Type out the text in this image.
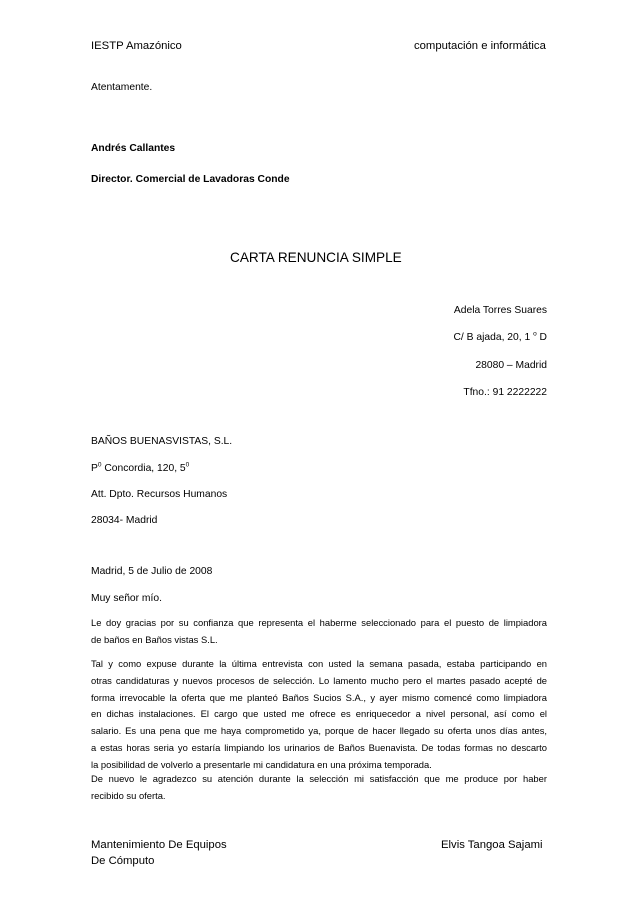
IESTP Amazónico	computación e informática
Atentamente.
Andrés Callantes
Director. Comercial de Lavadoras Conde
CARTA RENUNCIA SIMPLE
Adela Torres Suares
C/ B ajada, 20, 1 $^o$ D
28080 – Madrid
Tfno.: 91 2222222
BAÑOS BUENASVISTAS, S.L.
$P^0$ Concordia, 120, $5^0$
Att. Dpto. Recursos Humanos
28034- Madrid
Madrid, 5 de Julio de 2008
Muy señor mío.
Le doy gracias por su confianza que representa el haberme seleccionado para el puesto de limpiadora
de baños en Baños vistas S.L.
Tal y como expuse durante la última entrevista con usted la semana pasada, estaba participando en
otras candidaturas y nuevos procesos de selección. Lo lamento mucho pero el martes pasado acepté de
forma irrevocable la oferta que me planteó Baños Sucios S.A., y ayer mismo comencé como limpiadora
en dichas instalaciones. El cargo que usted me ofrece es enriquecedor a nivel personal, así como el
salario. Es una pena que me haya comprometido ya, porque de hacer llegado su oferta unos días antes,
a estas horas seria yo estaría limpiando los urinarios de Baños Buenavista. De todas formas no descarto
la posibilidad de volverlo a presentarle mi candidatura en una próxima temporada.
De nuevo le agradezco su atención durante la selección mi satisfacción que me produce por haber
recibido su oferta.
Mantenimiento De Equipos
De Cómputo
Elvis Tangoa Sajami
